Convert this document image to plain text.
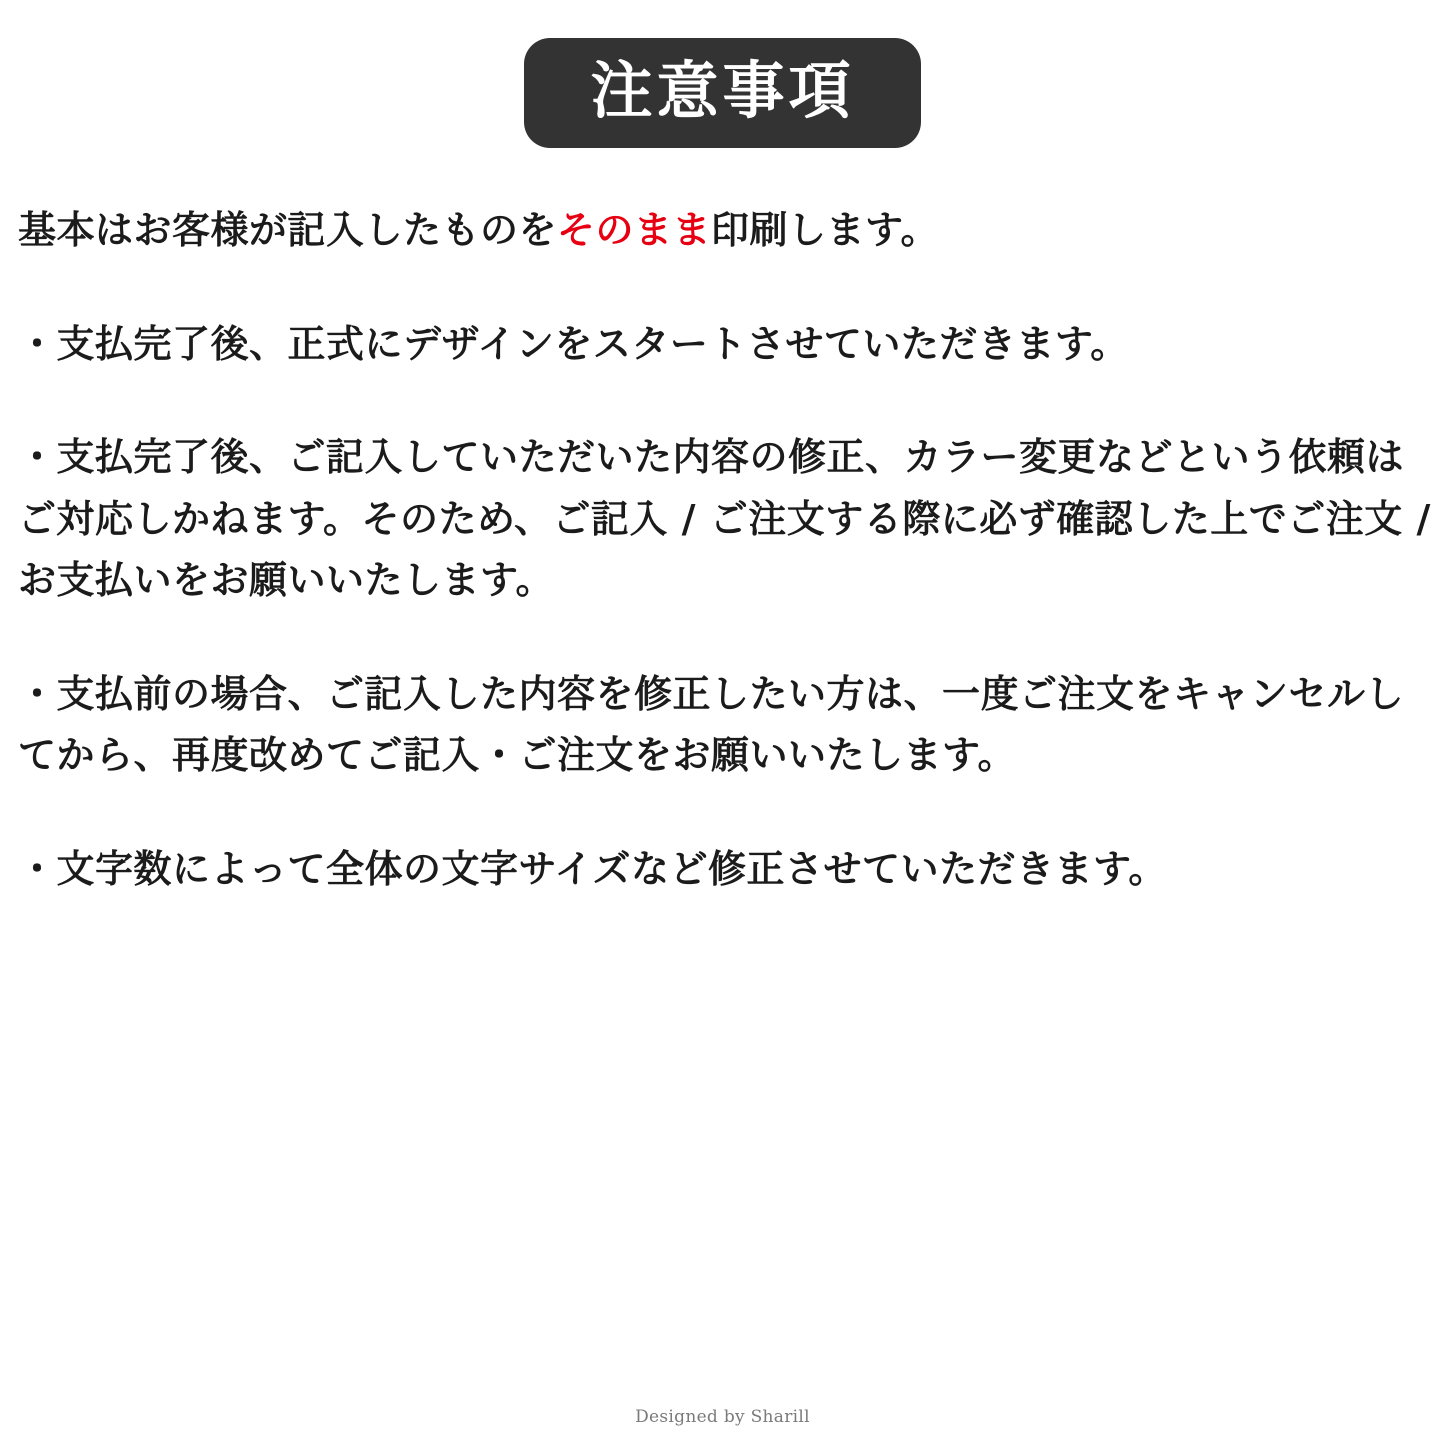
注意事項

基本はお客様が記入したものをそのまま印刷します。

・支払完了後、正式にデザインをスタートさせていただきます。

・支払完了後、ご記入していただいた内容の修正、カラー変更などという依頼はご対応しかねます。そのため、ご記入 / ご注文する際に必ず確認した上でご注文 / お支払いをお願いいたします。

・支払前の場合、ご記入した内容を修正したい方は、一度ご注文をキャンセルしてから、再度改めてご記入・ご注文をお願いいたします。

・文字数によって全体の文字サイズなど修正させていただきます。

Designed by Sharill
